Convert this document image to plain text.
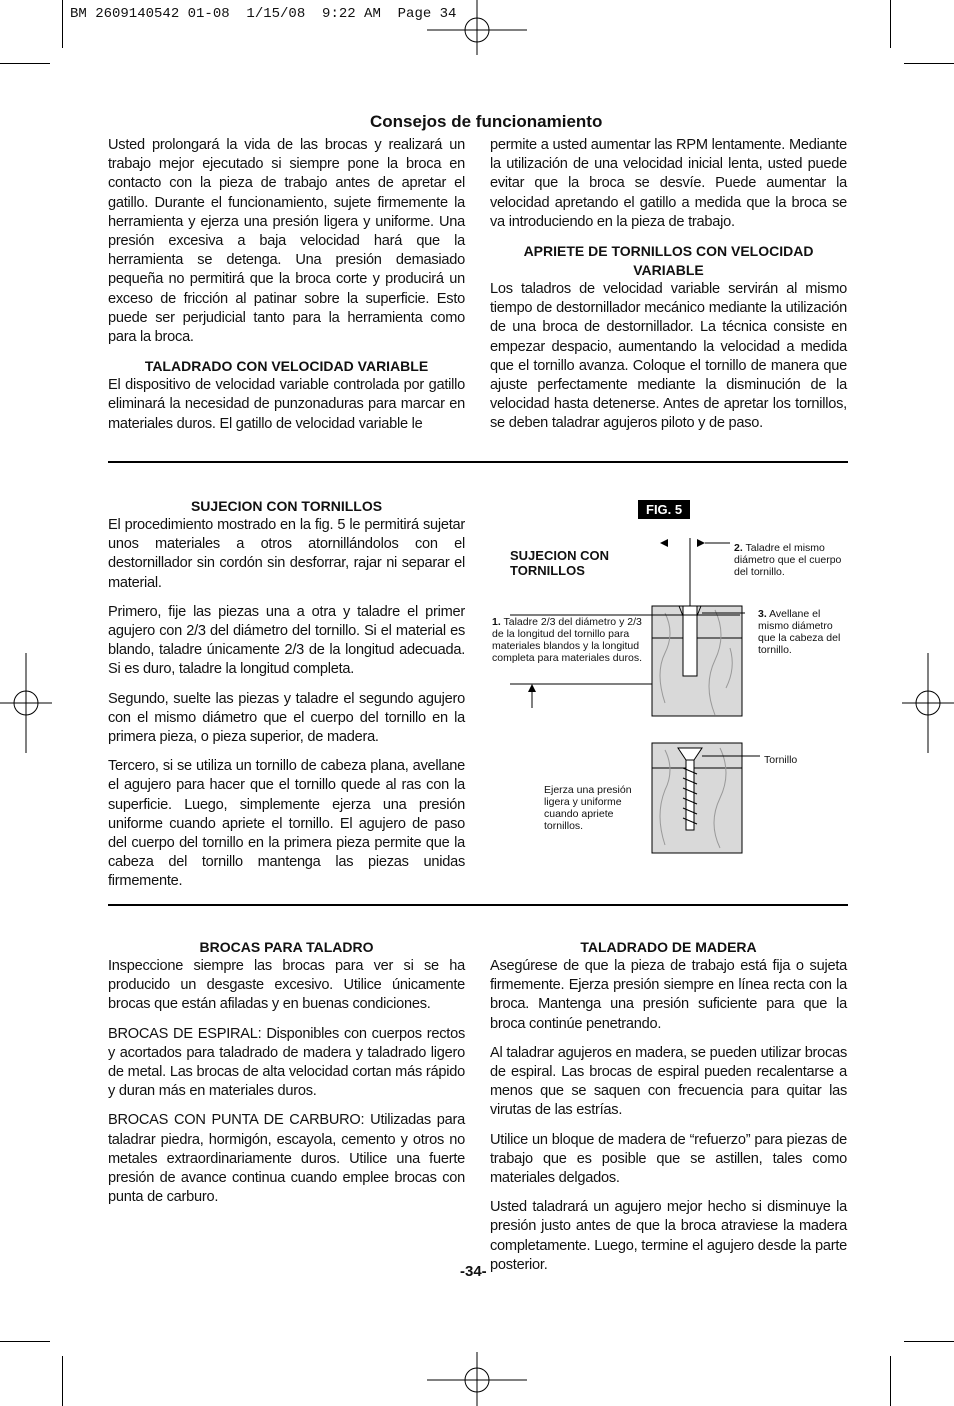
BM 2609140542 01-08  1/15/08  9:22 AM  Page 34
Consejos de funcionamiento

Usted prolongará la vida de las brocas y realizará un trabajo mejor ejecutado si siempre pone la broca en contacto con la pieza de trabajo antes de apretar el gatillo. Durante el funcionamiento, sujete firmemente la herramienta y ejerza una presión ligera y uniforme. Una presión excesiva a baja velocidad hará que la herramienta se detenga. Una presión demasiado pequeña no permitirá que la broca corte y producirá un exceso de fricción al patinar sobre la superficie. Esto puede ser perjudicial tanto para la herramienta como para la broca.

TALADRADO CON VELOCIDAD VARIABLE

El dispositivo de velocidad variable controlada por gatillo eliminará la necesidad de punzonaduras para marcar en materiales duros. El gatillo de velocidad variable le

permite a usted aumentar las RPM lentamente. Mediante la utilización de una velocidad inicial lenta, usted puede evitar que la broca se desvíe. Puede aumentar la velocidad apretando el gatillo a medida que la broca se va introduciendo en la pieza de trabajo.

APRIETE DE TORNILLOS CON VELOCIDAD VARIABLE

Los taladros de velocidad variable servirán al mismo tiempo de destornillador mecánico mediante la utilización de una broca de destornillador. La técnica consiste en empezar despacio, aumentando la velocidad a medida que el tornillo avanza. Coloque el tornillo de manera que ajuste perfectamente mediante la disminución de la velocidad hasta detenerse. Antes de apretar los tornillos, se deben taladrar agujeros piloto y de paso.

SUJECION CON TORNILLOS

El procedimiento mostrado en la fig. 5 le permitirá sujetar unos materiales a otros atornillándolos con el destornillador sin cordón sin desforrar, rajar ni separar el material.

Primero, fije las piezas una a otra y taladre el primer agujero con 2/3 del diámetro del tornillo. Si el material es blando, taladre únicamente 2/3 de la longitud adecuada. Si es duro, taladre la longitud completa.

Segundo, suelte las piezas y taladre el segundo agujero con el mismo diámetro que el cuerpo del tornillo en la primera pieza, o pieza superior, de madera.

Tercero, si se utiliza un tornillo de cabeza plana, avellane el agujero para hacer que el tornillo quede al ras con la superficie. Luego, simplemente ejerza una presión uniforme cuando apriete el tornillo. El agujero de paso del cuerpo del tornillo en la primera pieza permite que la cabeza del tornillo mantenga las piezas unidas firmemente.

FIG. 5
SUJECION CON
TORNILLOS
1. Taladre 2/3 del diámetro y 2/3 de la longitud del tornillo para materiales blandos y la longitud completa para materiales duros.
2. Taladre el mismo diámetro que el cuerpo del tornillo.
3. Avellane el mismo diámetro que la cabeza del tornillo.
Tornillo
Ejerza una presión ligera y uniforme cuando apriete tornillos.
BROCAS PARA TALADRO

Inspeccione siempre las brocas para ver si se ha producido un desgaste excesivo. Utilice únicamente brocas que están afiladas y en buenas condiciones.

BROCAS DE ESPIRAL: Disponibles con cuerpos rectos y acortados para taladrado de madera y taladrado ligero de metal. Las brocas de alta velocidad cortan más rápido y duran más en materiales duros.

BROCAS CON PUNTA DE CARBURO: Utilizadas para taladrar piedra, hormigón, escayola, cemento y otros no metales extraordinariamente duros. Utilice una fuerte presión de avance continua cuando emplee brocas con punta de carburo.

TALADRADO DE MADERA

Asegúrese de que la pieza de trabajo está fija o sujeta firmemente. Ejerza presión siempre en línea recta con la broca. Mantenga una presión suficiente para que la broca continúe penetrando.

Al taladrar agujeros en madera, se pueden utilizar brocas de espiral. Las brocas de espiral pueden recalentarse a menos que se saquen con frecuencia para quitar las virutas de las estrías.

Utilice un bloque de madera de “refuerzo” para piezas de trabajo que es posible que se astillen, tales como materiales delgados.

Usted taladrará un agujero mejor hecho si disminuye la presión justo antes de que la broca atraviese la madera completamente. Luego, termine el agujero desde la parte posterior.

-34-
